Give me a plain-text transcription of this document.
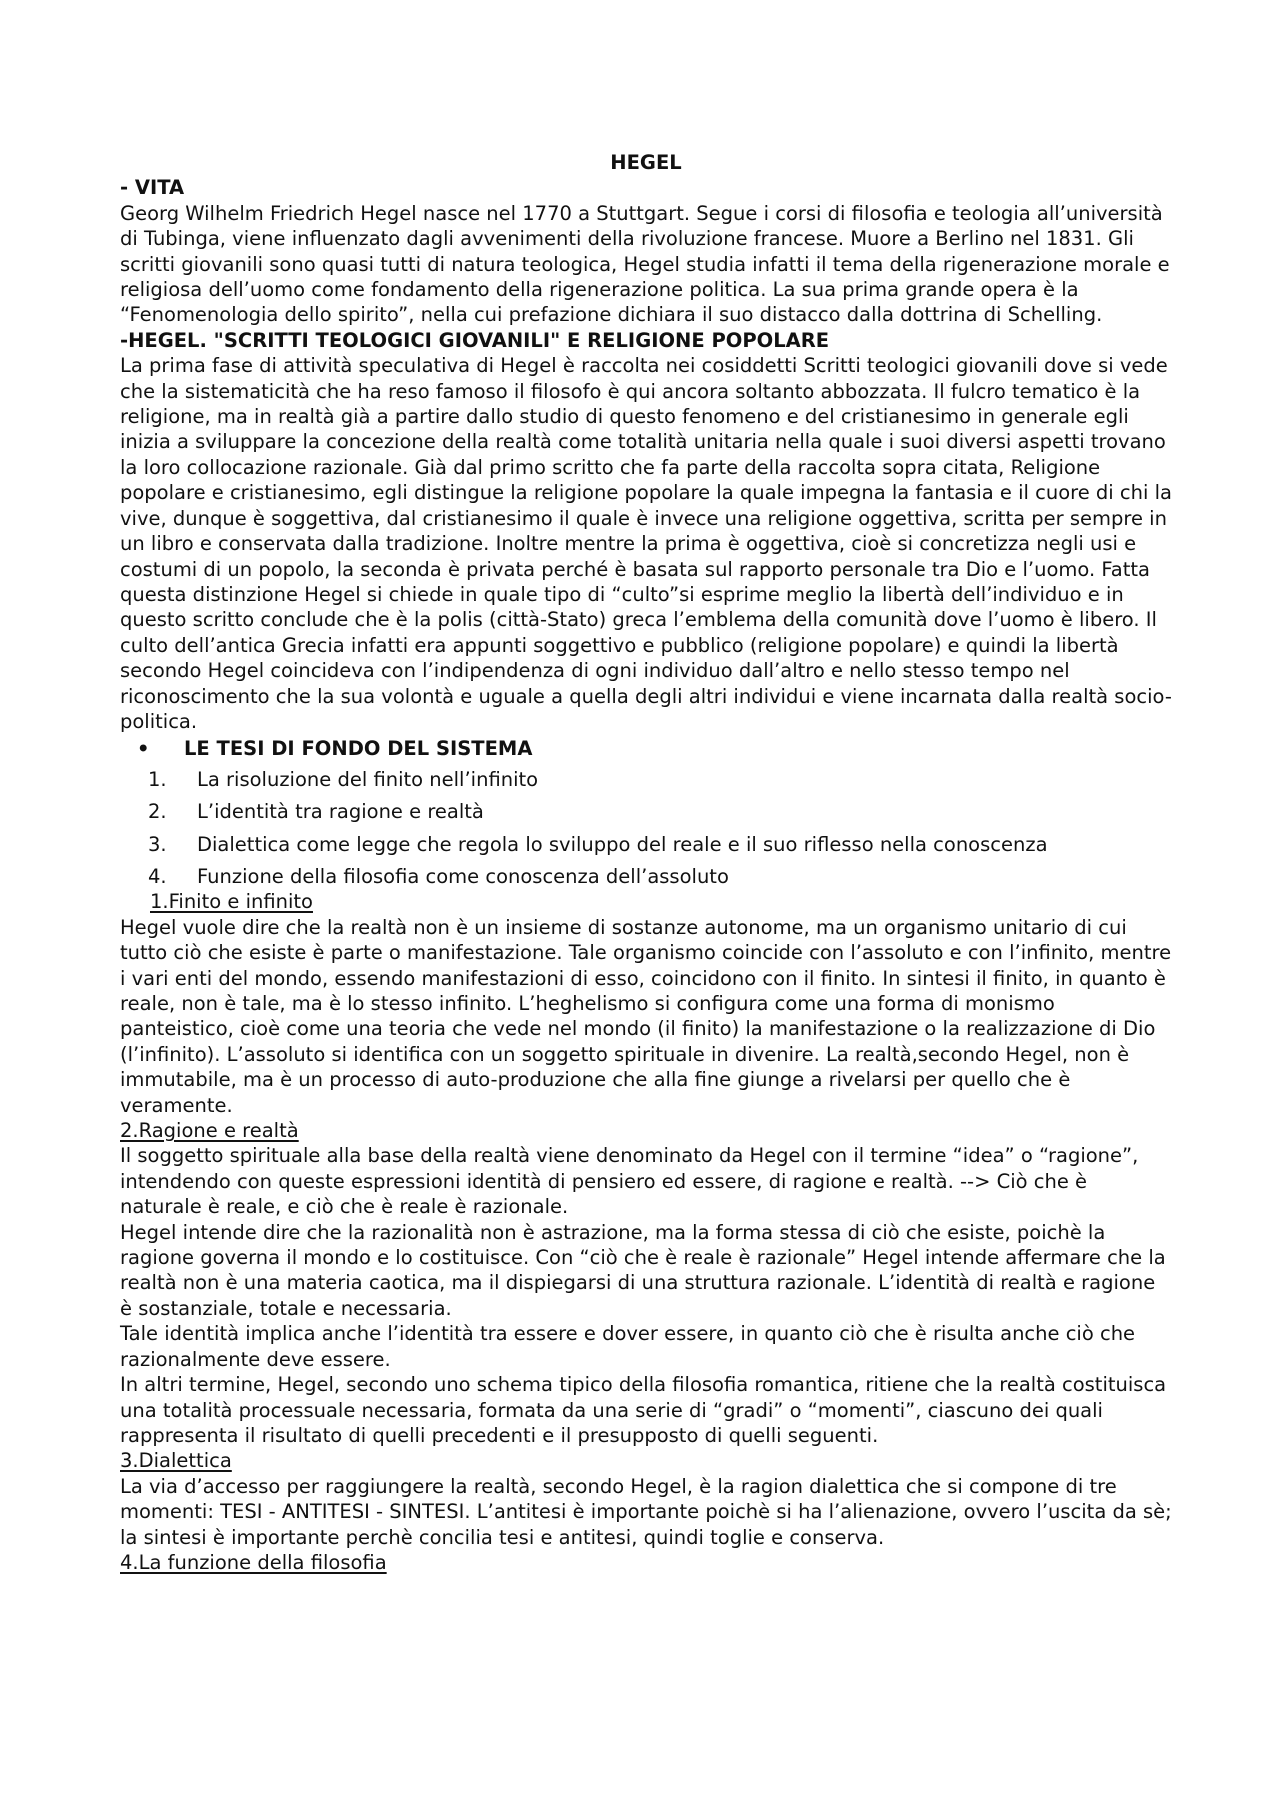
HEGEL

- VITA

Georg Wilhelm Friedrich Hegel nasce nel 1770 a Stuttgart. Segue i corsi di filosofia e teologia all’università di Tubinga, viene influenzato dagli avvenimenti della rivoluzione francese. Muore a Berlino nel 1831. Gli scritti giovanili sono quasi tutti di natura teologica, Hegel studia infatti il tema della rigenerazione morale e religiosa dell’uomo come fondamento della rigenerazione politica. La sua prima grande opera è la “Fenomenologia dello spirito”, nella cui prefazione dichiara il suo distacco dalla dottrina di Schelling.

-HEGEL. "SCRITTI TEOLOGICI GIOVANILI" E RELIGIONE POPOLARE

La prima fase di attività speculativa di Hegel è raccolta nei cosiddetti Scritti teologici giovanili dove si vede che la sistematicità che ha reso famoso il filosofo è qui ancora soltanto abbozzata. Il fulcro tematico è la religione, ma in realtà già a partire dallo studio di questo fenomeno e del cristianesimo in generale egli inizia a sviluppare la concezione della realtà come totalità unitaria nella quale i suoi diversi aspetti trovano la loro collocazione razionale. Già dal primo scritto che fa parte della raccolta sopra citata, Religione popolare e cristianesimo, egli distingue la religione popolare la quale impegna la fantasia e il cuore di chi la vive, dunque è soggettiva, dal cristianesimo il quale è invece una religione oggettiva, scritta per sempre in un libro e conservata dalla tradizione. Inoltre mentre la prima è oggettiva, cioè si concretizza negli usi e costumi di un popolo, la seconda è privata perché è basata sul rapporto personale tra Dio e l’uomo. Fatta questa distinzione Hegel si chiede in quale tipo di “culto”si esprime meglio la libertà dell’individuo e in questo scritto conclude che è la polis (città-Stato) greca l’emblema della comunità dove l’uomo è libero. Il culto dell’antica Grecia infatti era appunti soggettivo e pubblico (religione popolare) e quindi la libertà secondo Hegel coincideva con l’indipendenza di ogni individuo dall’altro e nello stesso tempo nel riconoscimento che la sua volontà e uguale a quella degli altri individui e viene incarnata dalla realtà socio-politica.

•	LE TESI DI FONDO DEL SISTEMA
1.	La risoluzione del finito nell’infinito
2.	L’identità tra ragione e realtà
3.	Dialettica come legge che regola lo sviluppo del reale e il suo riflesso nella conoscenza
4.	Funzione della filosofia come conoscenza dell’assoluto

1.Finito e infinito

Hegel vuole dire che la realtà non è un insieme di sostanze autonome, ma un organismo unitario di cui tutto ciò che esiste è parte o manifestazione. Tale organismo coincide con l’assoluto e con l’infinito, mentre i vari enti del mondo, essendo manifestazioni di esso, coincidono con il finito. In sintesi il finito, in quanto è reale, non è tale, ma è lo stesso infinito. L’heghelismo si configura come una forma di monismo panteistico, cioè come una teoria che vede nel mondo (il finito) la manifestazione o la realizzazione di Dio (l’infinito). L’assoluto si identifica con un soggetto spirituale in divenire. La realtà,secondo Hegel, non è immutabile, ma è un processo di auto-produzione che alla fine giunge a rivelarsi per quello che è veramente.

2.Ragione e realtà

Il soggetto spirituale alla base della realtà viene denominato da Hegel con il termine “idea” o “ragione”, intendendo con queste espressioni identità di pensiero ed essere, di ragione e realtà. --> Ciò che è naturale è reale, e ciò che è reale è razionale.

Hegel intende dire che la razionalità non è astrazione, ma la forma stessa di ciò che esiste, poichè la ragione governa il mondo e lo costituisce. Con “ciò che è reale è razionale” Hegel intende affermare che la realtà non è una materia caotica, ma il dispiegarsi di una struttura razionale. L’identità di realtà e ragione è sostanziale, totale e necessaria.

Tale identità implica anche l’identità tra essere e dover essere, in quanto ciò che è risulta anche ciò che razionalmente deve essere.

In altri termine, Hegel, secondo uno schema tipico della filosofia romantica, ritiene che la realtà costituisca una totalità processuale necessaria, formata da una serie di “gradi” o “momenti”, ciascuno dei quali rappresenta il risultato di quelli precedenti e il presupposto di quelli seguenti.

3.Dialettica

La via d’accesso per raggiungere la realtà, secondo Hegel, è la ragion dialettica che si compone di tre momenti: TESI - ANTITESI - SINTESI. L’antitesi è importante poichè si ha l’alienazione, ovvero l’uscita da sè; la sintesi è importante perchè concilia tesi e antitesi, quindi toglie e conserva.

4.La funzione della filosofia
